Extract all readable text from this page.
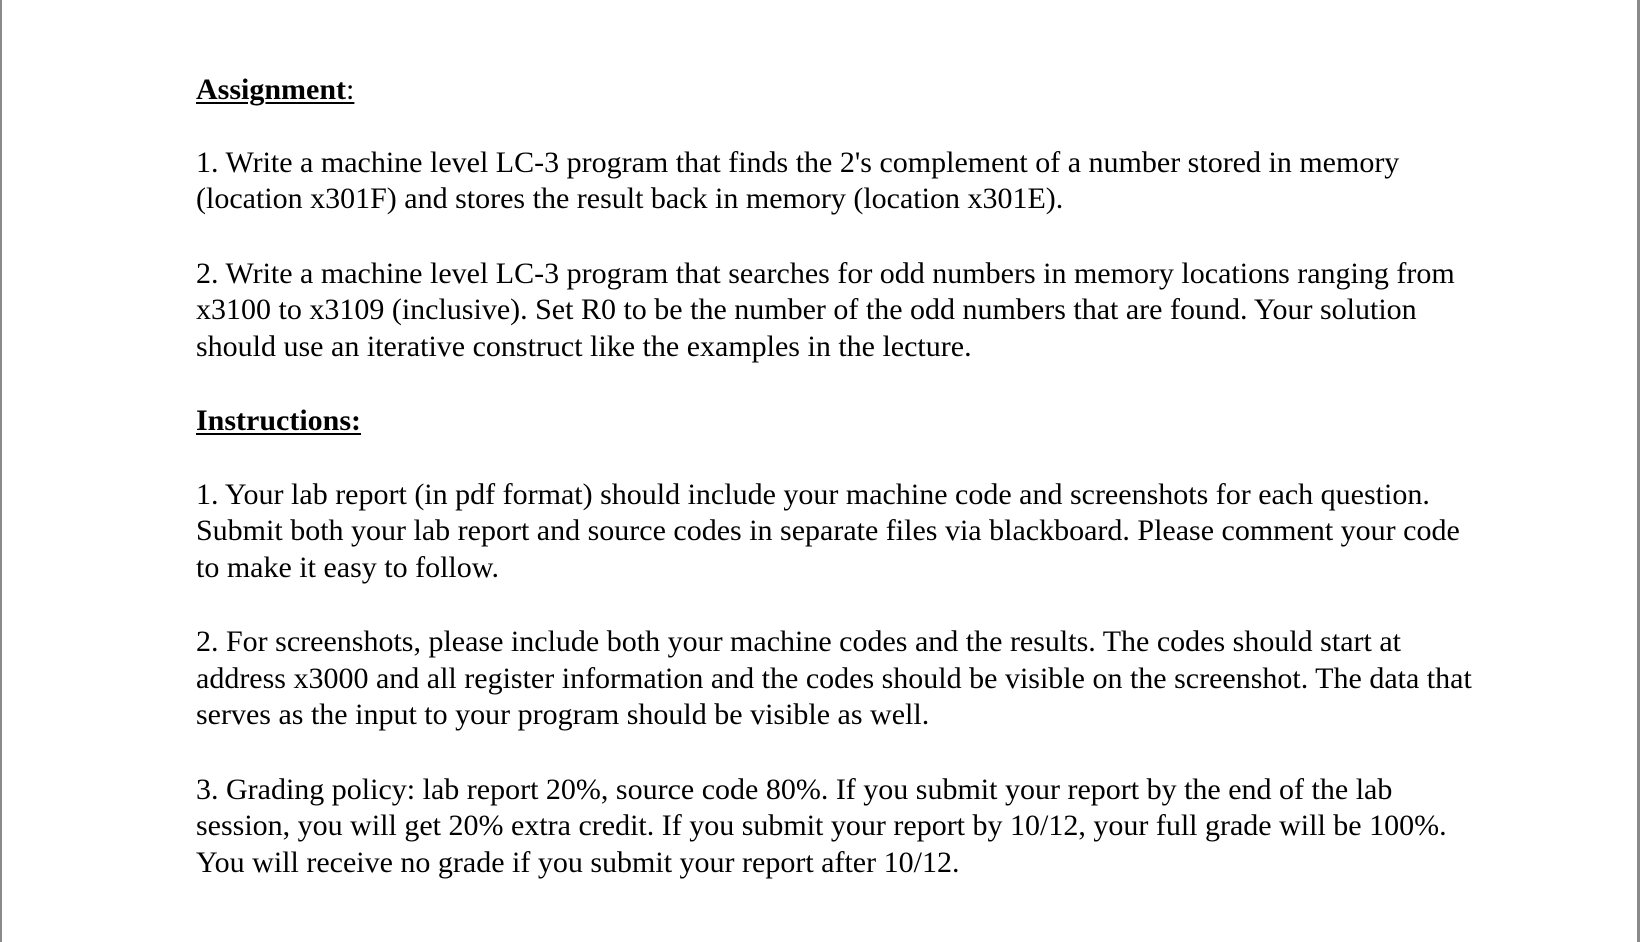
Assignment:

1. Write a machine level LC-3 program that finds the 2's complement of a number stored in memory (location x301F) and stores the result back in memory (location x301E).

2. Write a machine level LC-3 program that searches for odd numbers in memory locations ranging from x3100 to x3109 (inclusive). Set R0 to be the number of the odd numbers that are found. Your solution should use an iterative construct like the examples in the lecture.

Instructions:

1. Your lab report (in pdf format) should include your machine code and screenshots for each question. Submit both your lab report and source codes in separate files via blackboard. Please comment your code to make it easy to follow.

2. For screenshots, please include both your machine codes and the results. The codes should start at address x3000 and all register information and the codes should be visible on the screenshot. The data that serves as the input to your program should be visible as well.

3. Grading policy: lab report 20%, source code 80%. If you submit your report by the end of the lab session, you will get 20% extra credit. If you submit your report by 10/12, your full grade will be 100%. You will receive no grade if you submit your report after 10/12.
